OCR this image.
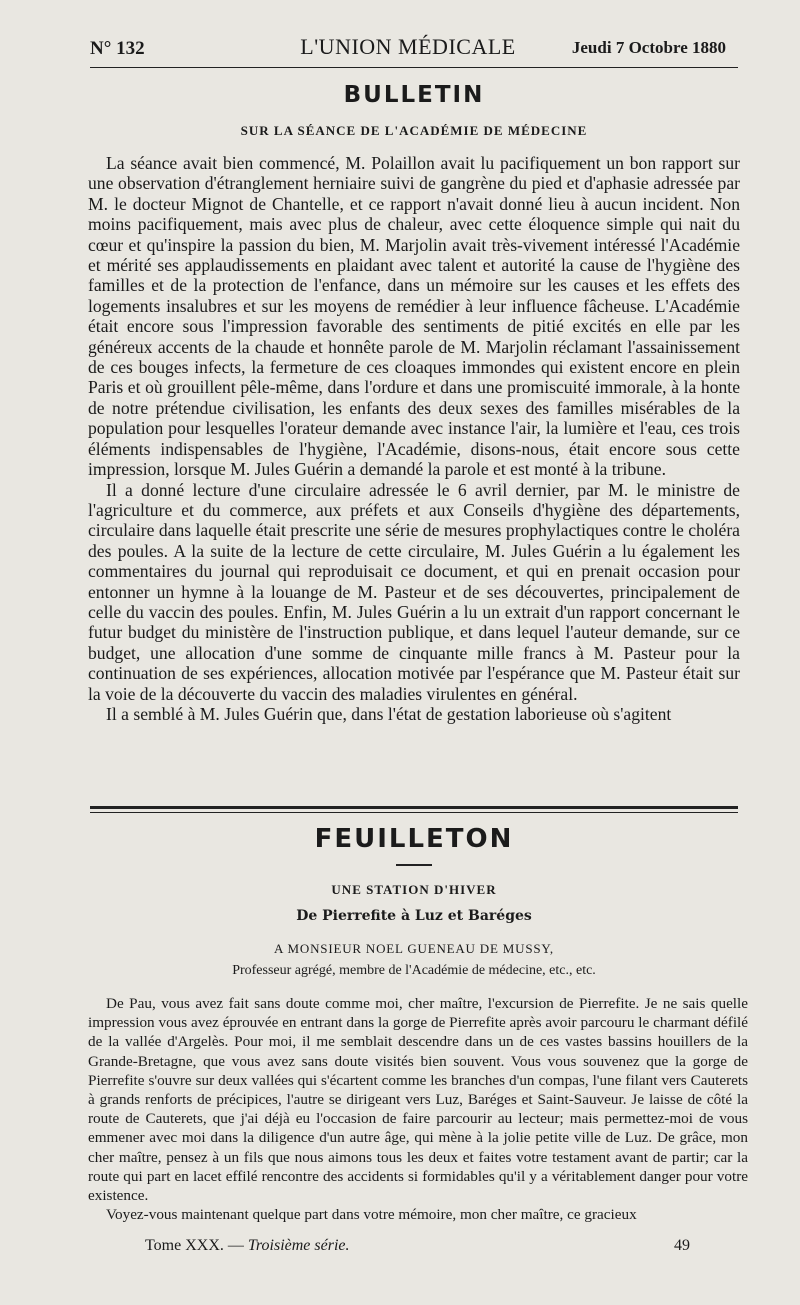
N° 132	L'UNION MÉDICALE	Jeudi 7 Octobre 1880
BULLETIN
SUR LA SÉANCE DE L'ACADÉMIE DE MÉDECINE

La séance avait bien commencé, M. Polaillon avait lu pacifiquement un bon rapport sur une observation d'étranglement herniaire suivi de gangrène du pied et d'aphasie adressée par M. le docteur Mignot de Chantelle, et ce rapport n'avait donné lieu à aucun incident. Non moins pacifiquement, mais avec plus de chaleur, avec cette éloquence simple qui nait du cœur et qu'inspire la passion du bien, M. Marjolin avait très-vivement intéressé l'Académie et mérité ses applaudissements en plaidant avec talent et autorité la cause de l'hygiène des familles et de la protection de l'enfance, dans un mémoire sur les causes et les effets des logements insalubres et sur les moyens de remédier à leur influence fâcheuse. L'Académie était encore sous l'impression favorable des sentiments de pitié excités en elle par les généreux accents de la chaude et honnête parole de M. Marjolin réclamant l'assainissement de ces bouges infects, la fermeture de ces cloaques immondes qui existent encore en plein Paris et où grouillent pêle-même, dans l'ordure et dans une promiscuité immorale, à la honte de notre prétendue civilisation, les enfants des deux sexes des familles misérables de la population pour lesquelles l'orateur demande avec instance l'air, la lumière et l'eau, ces trois éléments indispensables de l'hygiène, l'Académie, disons-nous, était encore sous cette impression, lorsque M. Jules Guérin a demandé la parole et est monté à la tribune.

Il a donné lecture d'une circulaire adressée le 6 avril dernier, par M. le ministre de l'agriculture et du commerce, aux préfets et aux Conseils d'hygiène des départements, circulaire dans laquelle était prescrite une série de mesures prophylactiques contre le choléra des poules. A la suite de la lecture de cette circulaire, M. Jules Guérin a lu également les commentaires du journal qui reproduisait ce document, et qui en prenait occasion pour entonner un hymne à la louange de M. Pasteur et de ses découvertes, principalement de celle du vaccin des poules. Enfin, M. Jules Guérin a lu un extrait d'un rapport concernant le futur budget du ministère de l'instruction publique, et dans lequel l'auteur demande, sur ce budget, une allocation d'une somme de cinquante mille francs à M. Pasteur pour la continuation de ses expériences, allocation motivée par l'espérance que M. Pasteur était sur la voie de la découverte du vaccin des maladies virulentes en général.

Il a semblé à M. Jules Guérin que, dans l'état de gestation laborieuse où s'agitent

FEUILLETON
UNE STATION D'HIVER
De Pierrefite à Luz et Baréges
A MONSIEUR NOEL GUENEAU DE MUSSY,
Professeur agrégé, membre de l'Académie de médecine, etc., etc.

De Pau, vous avez fait sans doute comme moi, cher maître, l'excursion de Pierrefite. Je ne sais quelle impression vous avez éprouvée en entrant dans la gorge de Pierrefite après avoir parcouru le charmant défilé de la vallée d'Argelès. Pour moi, il me semblait descendre dans un de ces vastes bassins houillers de la Grande-Bretagne, que vous avez sans doute visités bien souvent. Vous vous souvenez que la gorge de Pierrefite s'ouvre sur deux vallées qui s'écartent comme les branches d'un compas, l'une filant vers Cauterets à grands renforts de précipices, l'autre se dirigeant vers Luz, Baréges et Saint-Sauveur. Je laisse de côté la route de Cauterets, que j'ai déjà eu l'occasion de faire parcourir au lecteur; mais permettez-moi de vous emmener avec moi dans la diligence d'un autre âge, qui mène à la jolie petite ville de Luz. De grâce, mon cher maître, pensez à un fils que nous aimons tous les deux et faites votre testament avant de partir; car la route qui part en lacet effilé rencontre des accidents si formidables qu'il y a véritablement danger pour votre existence.

Voyez-vous maintenant quelque part dans votre mémoire, mon cher maître, ce gracieux

Tome XXX. — Troisième série.	49
